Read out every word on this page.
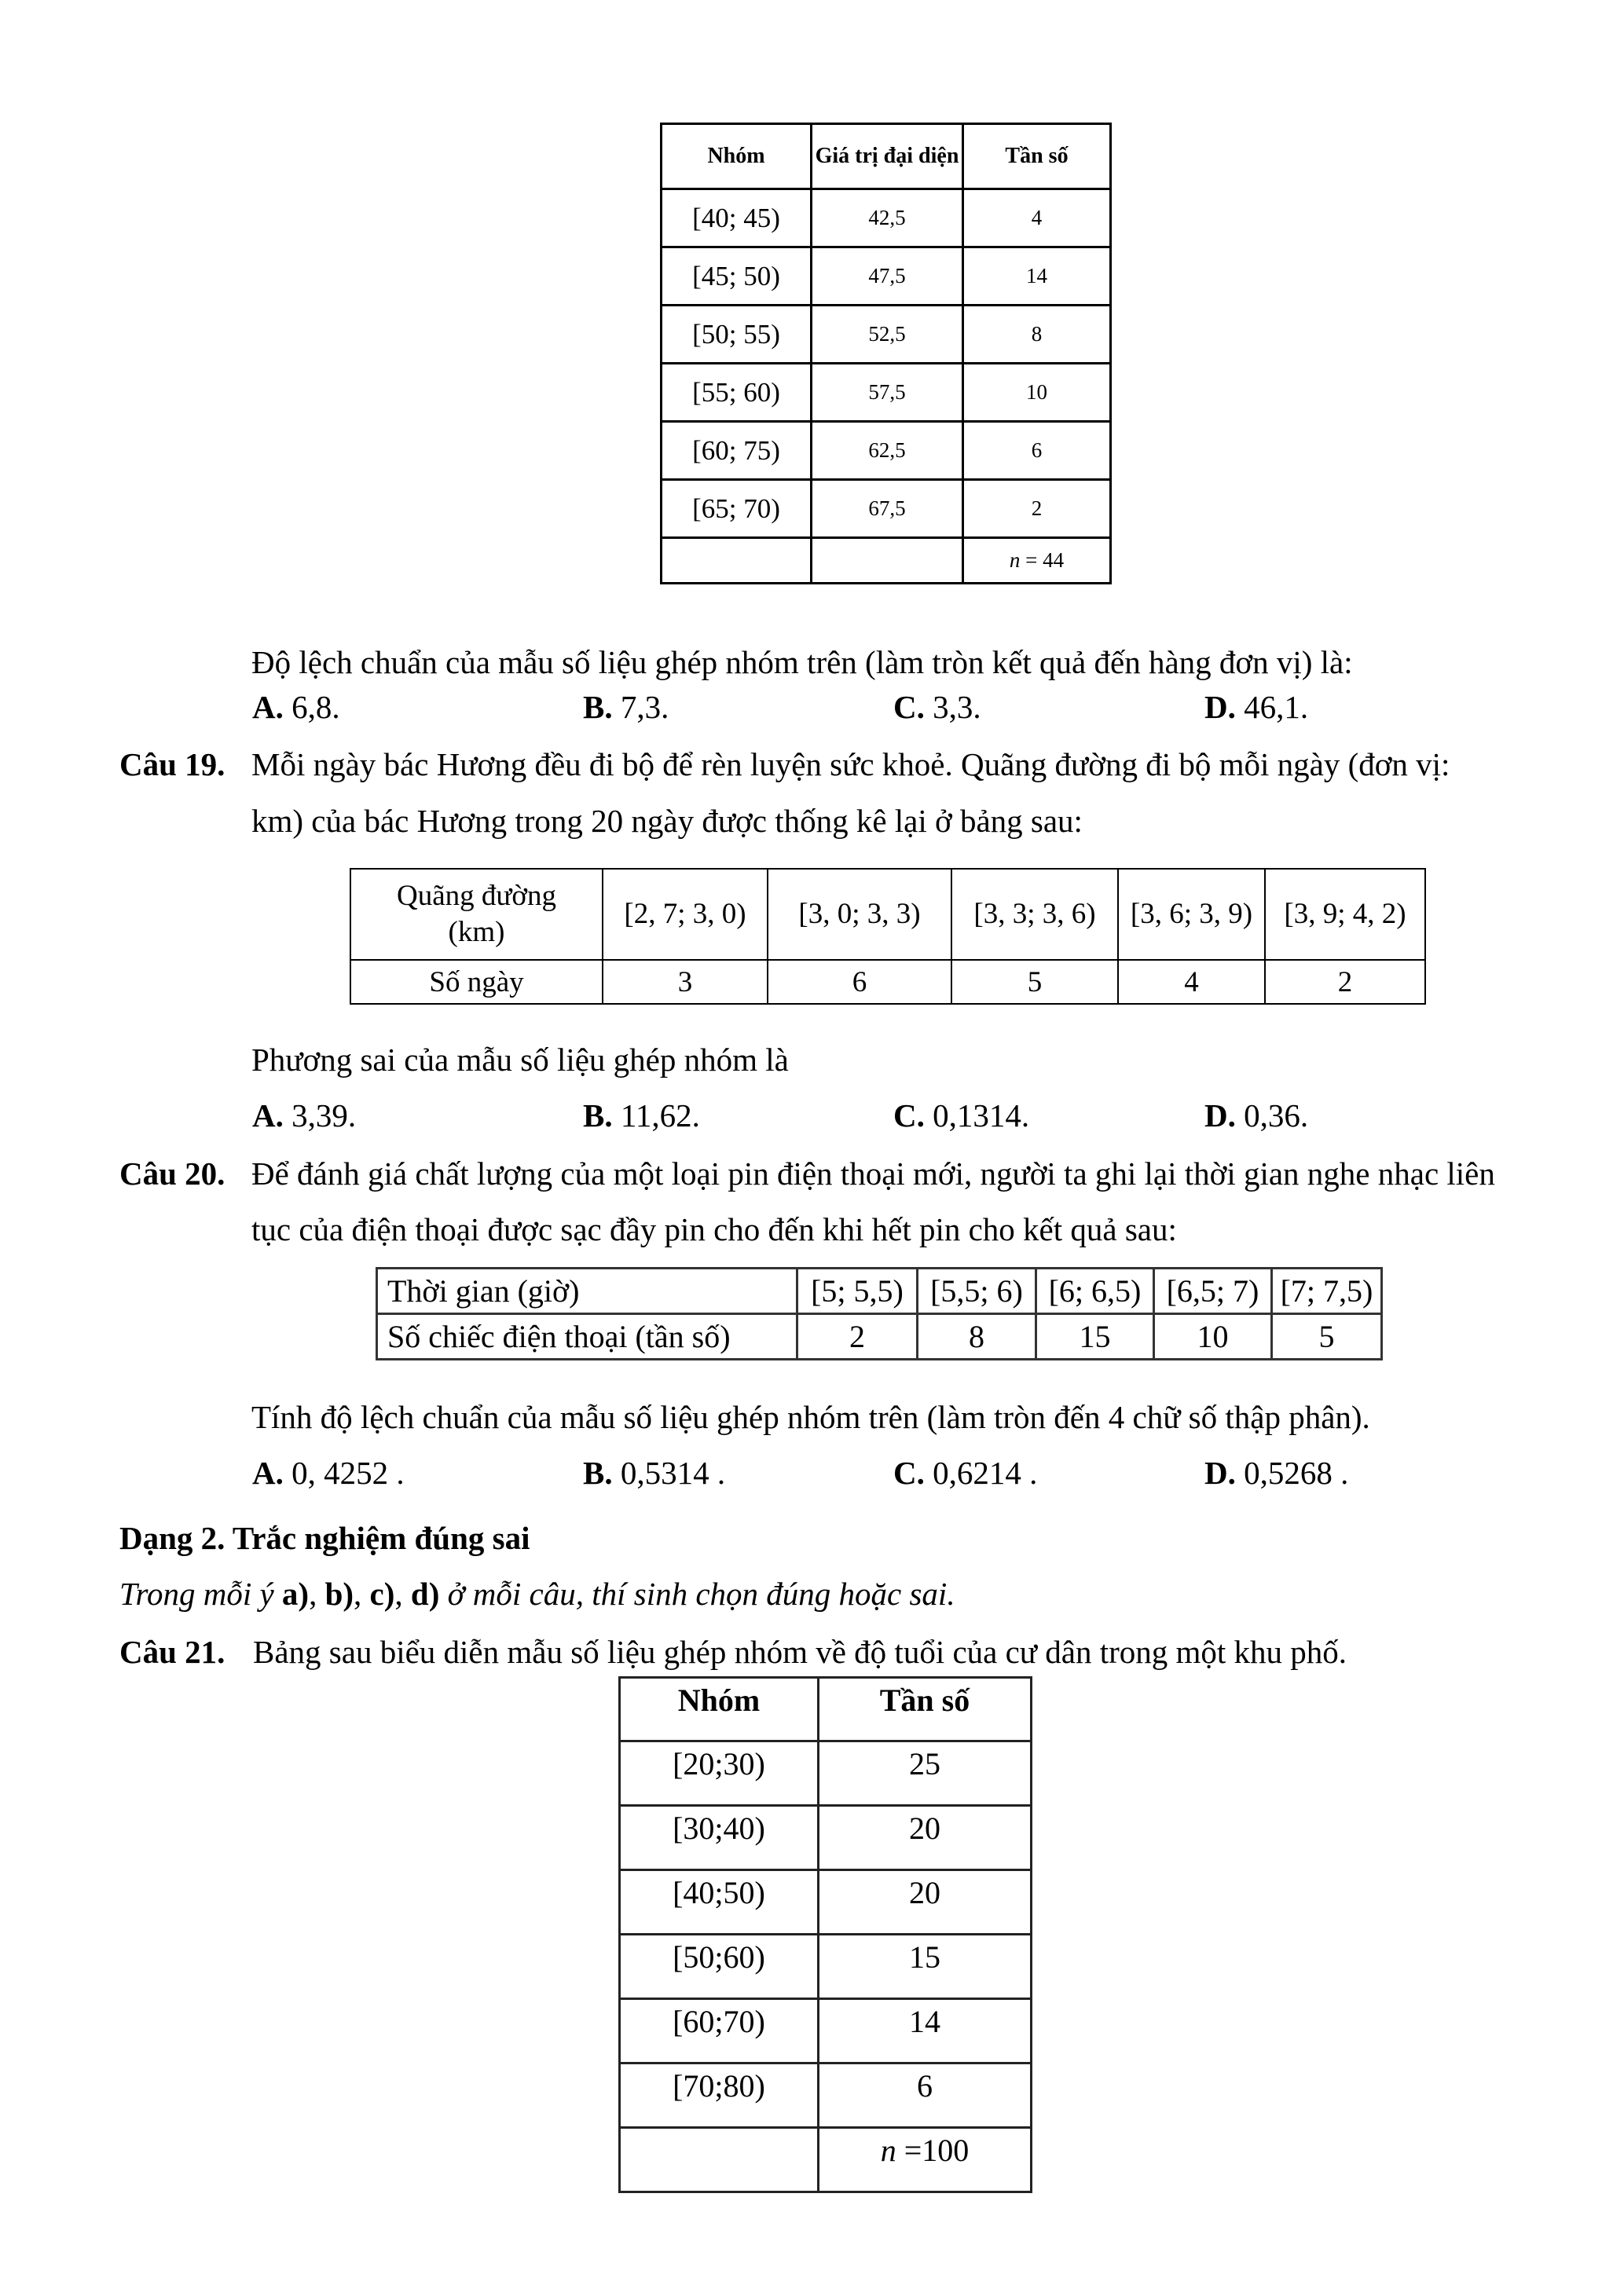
Nhóm	Giá trị đại diện	Tần số
[40; 45)	42,5	4
[45; 50)	47,5	14
[50; 55)	52,5	8
[55; 60)	57,5	10
[60; 75)	62,5	6
[65; 70)	67,5	2
		n = 44
Độ lệch chuẩn của mẫu số liệu ghép nhóm trên (làm tròn kết quả đến hàng đơn vị) là:
A. 6,8.	B. 7,3.	C. 3,3.	D. 46,1.
Câu 19. Mỗi ngày bác Hương đều đi bộ để rèn luyện sức khoẻ. Quãng đường đi bộ mỗi ngày (đơn vị:
km) của bác Hương trong 20 ngày được thống kê lại ở bảng sau:
Quãng đường
(km)	[2, 7; 3, 0)	[3, 0; 3, 3)	[3, 3; 3, 6)	[3, 6; 3, 9)	[3, 9; 4, 2)
Số ngày	3	6	5	4	2
Phương sai của mẫu số liệu ghép nhóm là
A. 3,39.	B. 11,62.	C. 0,1314.	D. 0,36.
Câu 20. Để đánh giá chất lượng của một loại pin điện thoại mới, người ta ghi lại thời gian nghe nhạc liên
tục của điện thoại được sạc đầy pin cho đến khi hết pin cho kết quả sau:
Thời gian (giờ)	[5; 5,5)	[5,5; 6)	[6; 6,5)	[6,5; 7)	[7; 7,5)
Số chiếc điện thoại (tần số)	2	8	15	10	5
Tính độ lệch chuẩn của mẫu số liệu ghép nhóm trên (làm tròn đến 4 chữ số thập phân).
A. 0, 4252 .	B. 0,5314 .	C. 0,6214 .	D. 0,5268 .
Dạng 2. Trắc nghiệm đúng sai
Trong mỗi ý a), b), c), d) ở mỗi câu, thí sinh chọn đúng hoặc sai.
Câu 21. Bảng sau biểu diễn mẫu số liệu ghép nhóm về độ tuổi của cư dân trong một khu phố.
Nhóm	Tần số
[20;30)	25
[30;40)	20
[40;50)	20
[50;60)	15
[60;70)	14
[70;80)	6
	n =100
